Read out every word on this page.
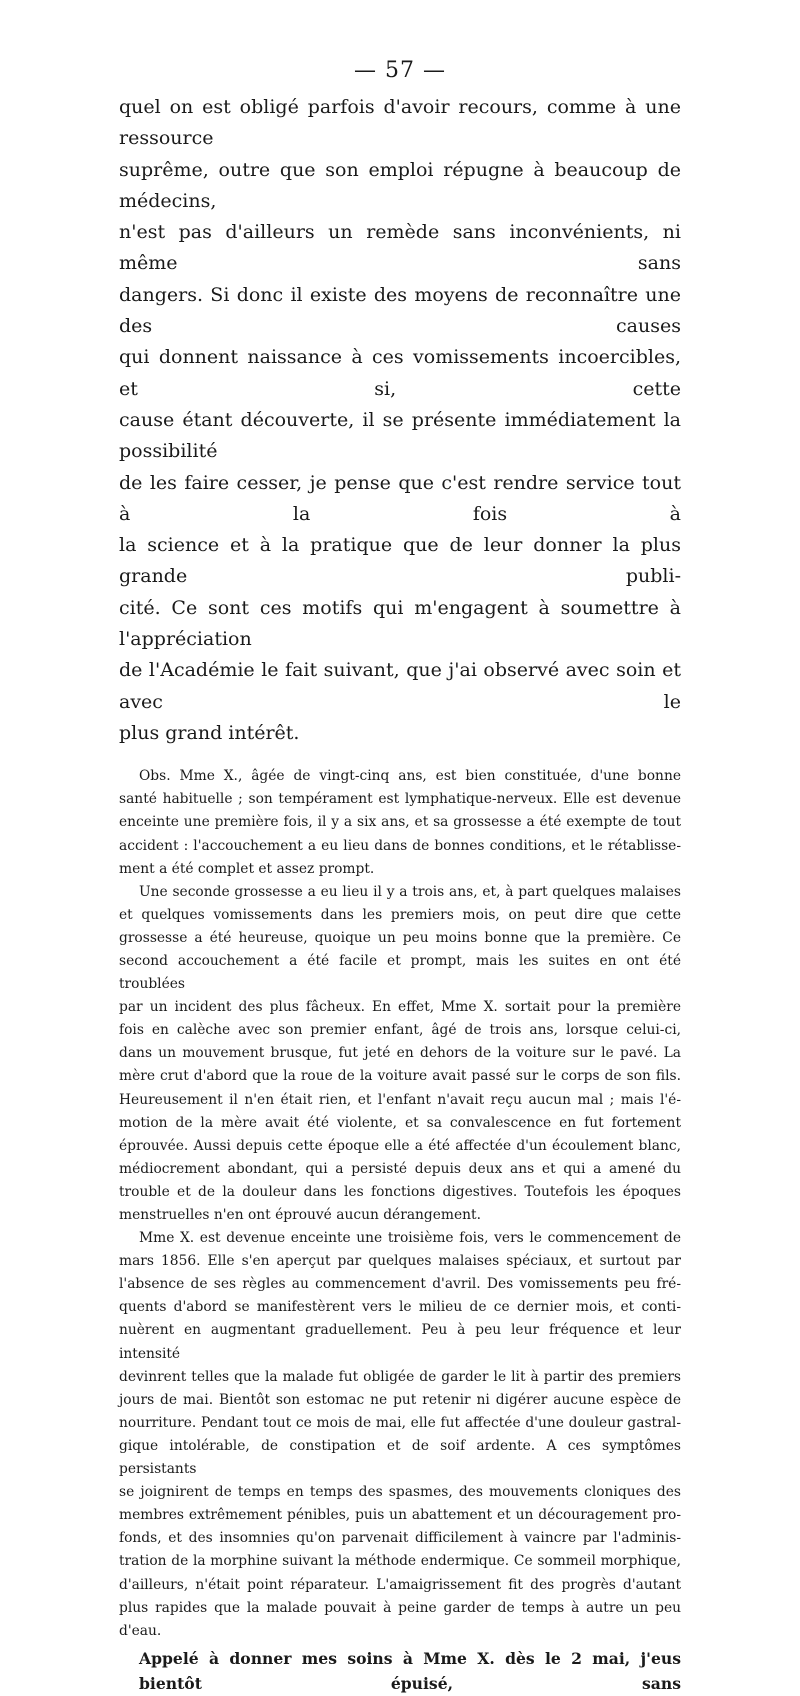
— 57 —

quel on est obligé parfois d'avoir recours, comme à une ressource

suprême, outre que son emploi répugne à beaucoup de médecins,

n'est pas d'ailleurs un remède sans inconvénients, ni même sans

dangers. Si donc il existe des moyens de reconnaître une des causes

qui donnent naissance à ces vomissements incoercibles, et si, cette

cause étant découverte, il se présente immédiatement la possibilité

de les faire cesser, je pense que c'est rendre service tout à la fois à

la science et à la pratique que de leur donner la plus grande publi-

cité. Ce sont ces motifs qui m'engagent à soumettre à l'appréciation

de l'Académie le fait suivant, que j'ai observé avec soin et avec le

plus grand intérêt.

Obs. Mme X., âgée de vingt-cinq ans, est bien constituée, d'une bonne

santé habituelle ; son tempérament est lymphatique-nerveux. Elle est devenue

enceinte une première fois, il y a six ans, et sa grossesse a été exempte de tout

accident : l'accouchement a eu lieu dans de bonnes conditions, et le rétablisse-

ment a été complet et assez prompt.

Une seconde grossesse a eu lieu il y a trois ans, et, à part quelques malaises

et quelques vomissements dans les premiers mois, on peut dire que cette

grossesse a été heureuse, quoique un peu moins bonne que la première. Ce

second accouchement a été facile et prompt, mais les suites en ont été troublées

par un incident des plus fâcheux. En effet, Mme X. sortait pour la première

fois en calèche avec son premier enfant, âgé de trois ans, lorsque celui-ci,

dans un mouvement brusque, fut jeté en dehors de la voiture sur le pavé. La

mère crut d'abord que la roue de la voiture avait passé sur le corps de son fils.

Heureusement il n'en était rien, et l'enfant n'avait reçu aucun mal ; mais l'é-

motion de la mère avait été violente, et sa convalescence en fut fortement

éprouvée. Aussi depuis cette époque elle a été affectée d'un écoulement blanc,

médiocrement abondant, qui a persisté depuis deux ans et qui a amené du

trouble et de la douleur dans les fonctions digestives. Toutefois les époques

menstruelles n'en ont éprouvé aucun dérangement.

Mme X. est devenue enceinte une troisième fois, vers le commencement de

mars 1856. Elle s'en aperçut par quelques malaises spéciaux, et surtout par

l'absence de ses règles au commencement d'avril. Des vomissements peu fré-

quents d'abord se manifestèrent vers le milieu de ce dernier mois, et conti-

nuèrent en augmentant graduellement. Peu à peu leur fréquence et leur intensité

devinrent telles que la malade fut obligée de garder le lit à partir des premiers

jours de mai. Bientôt son estomac ne put retenir ni digérer aucune espèce de

nourriture. Pendant tout ce mois de mai, elle fut affectée d'une douleur gastral-

gique intolérable, de constipation et de soif ardente. A ces symptômes persistants

se joignirent de temps en temps des spasmes, des mouvements cloniques des

membres extrêmement pénibles, puis un abattement et un découragement pro-

fonds, et des insomnies qu'on parvenait difficilement à vaincre par l'adminis-

tration de la morphine suivant la méthode endermique. Ce sommeil morphique,

d'ailleurs, n'était point réparateur. L'amaigrissement fit des progrès d'autant

plus rapides que la malade pouvait à peine garder de temps à autre un peu

d'eau.

Appelé à donner mes soins à Mme X. dès le 2 mai, j'eus bientôt épuisé, sans
